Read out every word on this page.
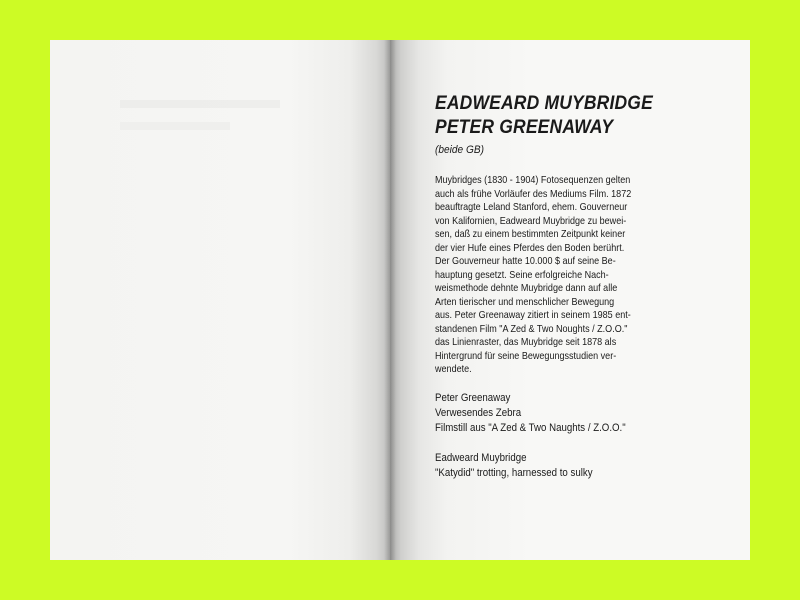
EADWEARD MUYBRIDGE
PETER GREENAWAY
(beide GB)
Muybridges (1830 - 1904) Fotosequenzen gelten
auch als frühe Vorläufer des Mediums Film. 1872
beauftragte Leland Stanford, ehem. Gouverneur
von Kalifornien, Eadweard Muybridge zu bewei-
sen, daß zu einem bestimmten Zeitpunkt keiner
der vier Hufe eines Pferdes den Boden berührt.
Der Gouverneur hatte 10.000 $ auf seine Be-
hauptung gesetzt. Seine erfolgreiche Nach-
weismethode dehnte Muybridge dann auf alle
Arten tierischer und menschlicher Bewegung
aus. Peter Greenaway zitiert in seinem 1985 ent-
standenen Film "A Zed & Two Noughts / Z.O.O."
das Linienraster, das Muybridge seit 1878 als
Hintergrund für seine Bewegungsstudien ver-
wendete.
Peter Greenaway
Verwesendes Zebra
Filmstill aus "A Zed & Two Naughts / Z.O.O."
Eadweard Muybridge
"Katydid" trotting, harnessed to sulky
